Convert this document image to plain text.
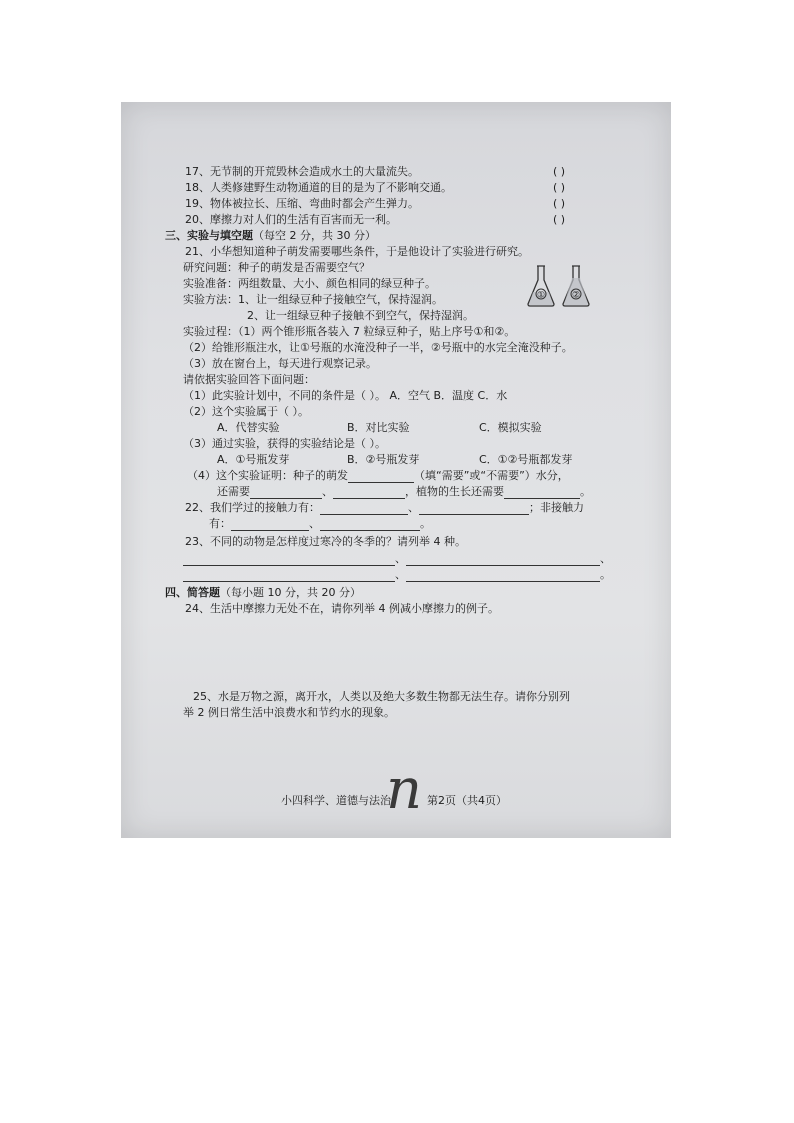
17、无节制的开荒毁林会造成水土的大量流失。	( )
18、人类修建野生动物通道的目的是为了不影响交通。	( )
19、物体被拉长、压缩、弯曲时都会产生弹力。	( )
20、摩擦力对人们的生活有百害而无一利。	( )
三、实验与填空题（每空 2 分，共 30 分）
21、小华想知道种子萌发需要哪些条件，于是他设计了实验进行研究。
研究问题：种子的萌发是否需要空气？
实验准备：两组数量、大小、颜色相同的绿豆种子。
实验方法：1、让一组绿豆种子接触空气，保持湿润。
2、让一组绿豆种子接触不到空气，保持湿润。
①	②
实验过程：（1）两个锥形瓶各装入 7 粒绿豆种子，贴上序号①和②。
（2）给锥形瓶注水，让①号瓶的水淹没种子一半，②号瓶中的水完全淹没种子。
（3）放在窗台上，每天进行观察记录。
请依据实验回答下面问题：
（1）此实验计划中，不同的条件是（ ）。 A．空气 B．温度 C．水
（2）这个实验属于（ ）。
A．代替实验	B．对比实验	C．模拟实验
（3）通过实验，获得的实验结论是（ ）。
A．①号瓶发芽	B．②号瓶发芽	C．①②号瓶都发芽
（4）这个实验证明：种子的萌发	（填“需要”或“不需要”）水分，
还需要	、	，植物的生长还需要	。
22、我们学过的接触力有：	、	；非接触力
有：	、	。
23、不同的动物是怎样度过寒冷的冬季的？请列举 4 种。
、	、
、	。
四、简答题（每小题 10 分，共 20 分）
24、生活中摩擦力无处不在，请你列举 4 例减小摩擦力的例子。
25、水是万物之源，离开水，人类以及绝大多数生物都无法生存。请你分别列
举 2 例日常生活中浪费水和节约水的现象。
小四科学、道德与法治
n 第2页（共4页）
